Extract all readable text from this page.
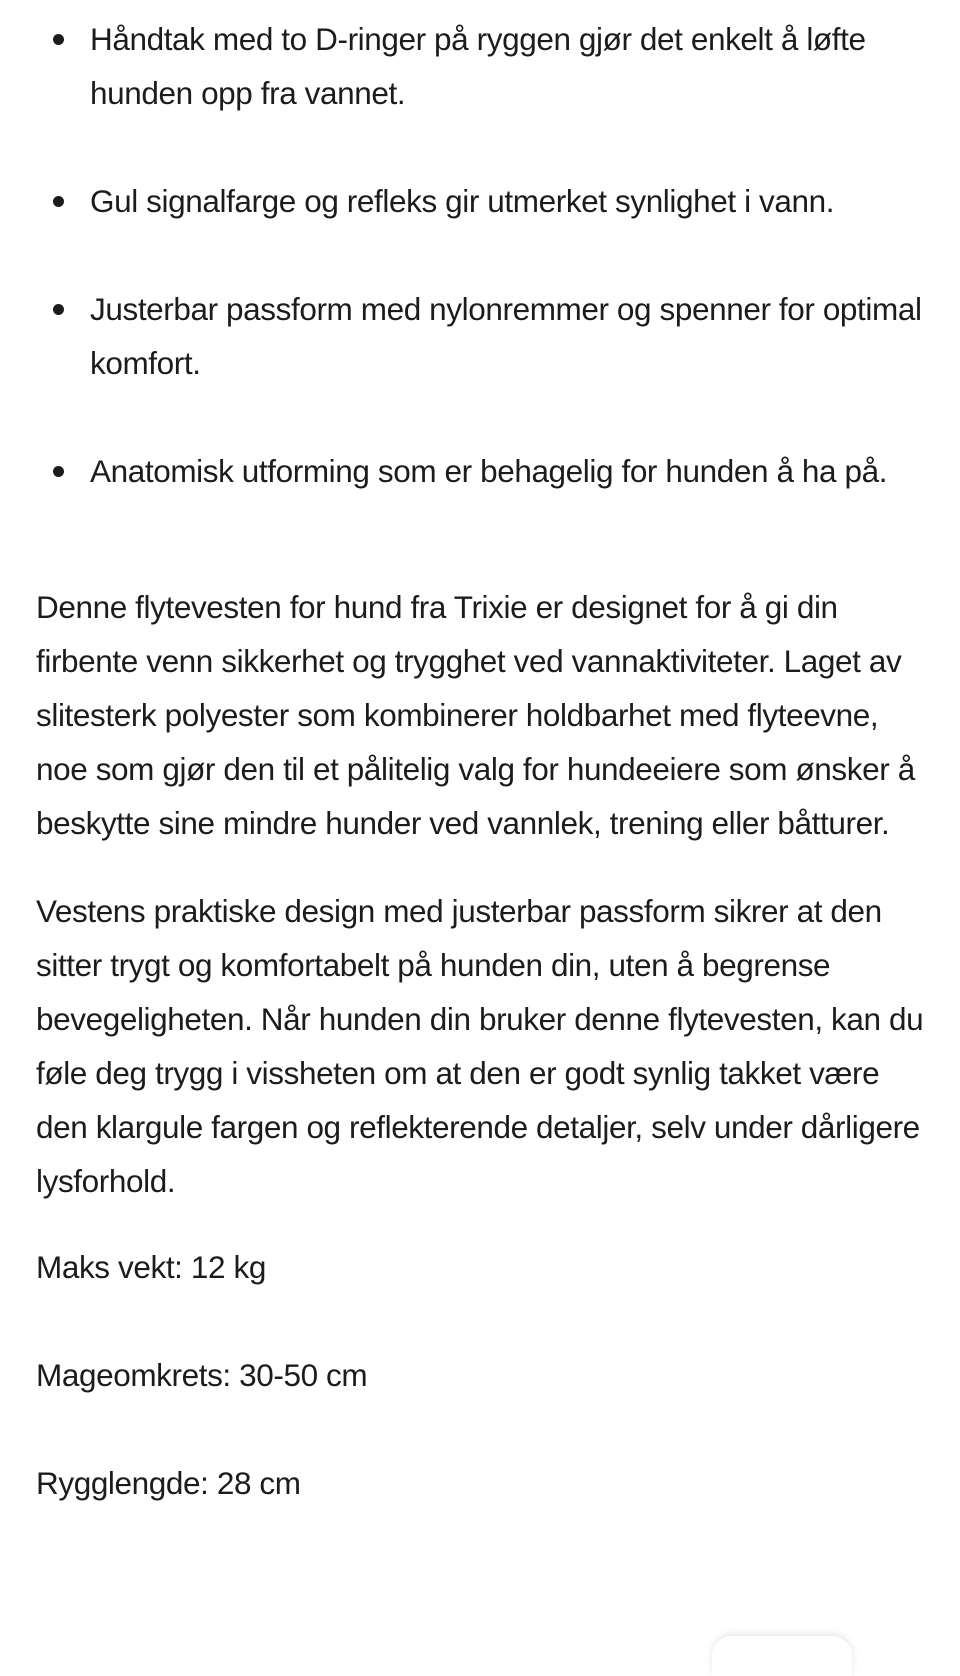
Håndtak med to D-ringer på ryggen gjør det enkelt å løfte hunden opp fra vannet.
Gul signalfarge og refleks gir utmerket synlighet i vann.
Justerbar passform med nylonremmer og spenner for optimal komfort.
Anatomisk utforming som er behagelig for hunden å ha på.

Denne flytevesten for hund fra Trixie er designet for å gi din firbente venn sikkerhet og trygghet ved vannaktiviteter. Laget av slitesterk polyester som kombinerer holdbarhet med flyteevne, noe som gjør den til et pålitelig valg for hundeeiere som ønsker å beskytte sine mindre hunder ved vannlek, trening eller båtturer.

Vestens praktiske design med justerbar passform sikrer at den sitter trygt og komfortabelt på hunden din, uten å begrense bevegeligheten. Når hunden din bruker denne flytevesten, kan du føle deg trygg i vissheten om at den er godt synlig takket være den klargule fargen og reflekterende detaljer, selv under dårligere lysforhold.

Maks vekt: 12 kg

Mageomkrets: 30-50 cm

Rygglengde: 28 cm
